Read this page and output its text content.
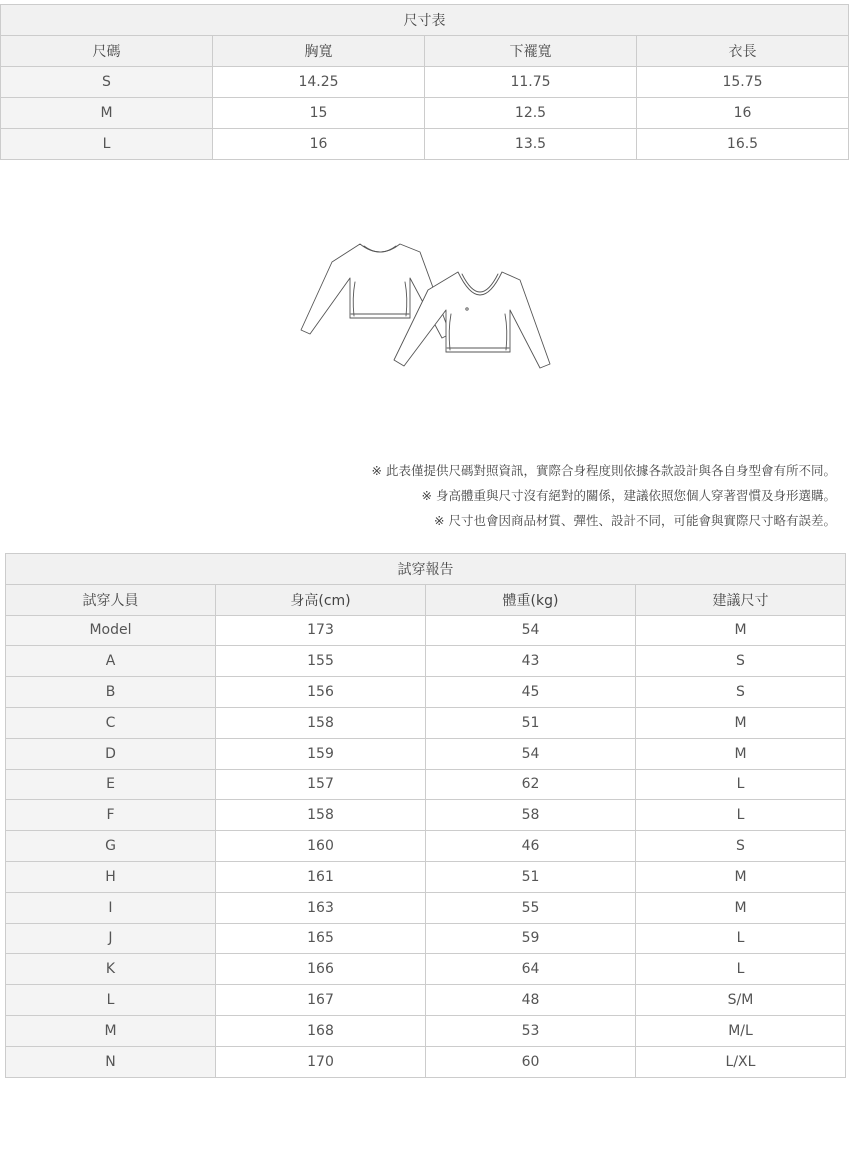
尺寸表			
尺碼	胸寬	下襬寬	衣長
S	14.25	11.75	15.75
M	15	12.5	16
L	16	13.5	16.5
※ 此表僅提供尺碼對照資訊，實際合身程度則依據各款設計與各自身型會有所不同。
※ 身高體重與尺寸沒有絕對的關係，建議依照您個人穿著習慣及身形選購。
※ 尺寸也會因商品材質、彈性、設計不同，可能會與實際尺寸略有誤差。
試穿報告			
試穿人員	身高(cm)	體重(kg)	建議尺寸
Model	173	54	M
A	155	43	S
B	156	45	S
C	158	51	M
D	159	54	M
E	157	62	L
F	158	58	L
G	160	46	S
H	161	51	M
I	163	55	M
J	165	59	L
K	166	64	L
L	167	48	S/M
M	168	53	M/L
N	170	60	L/XL
